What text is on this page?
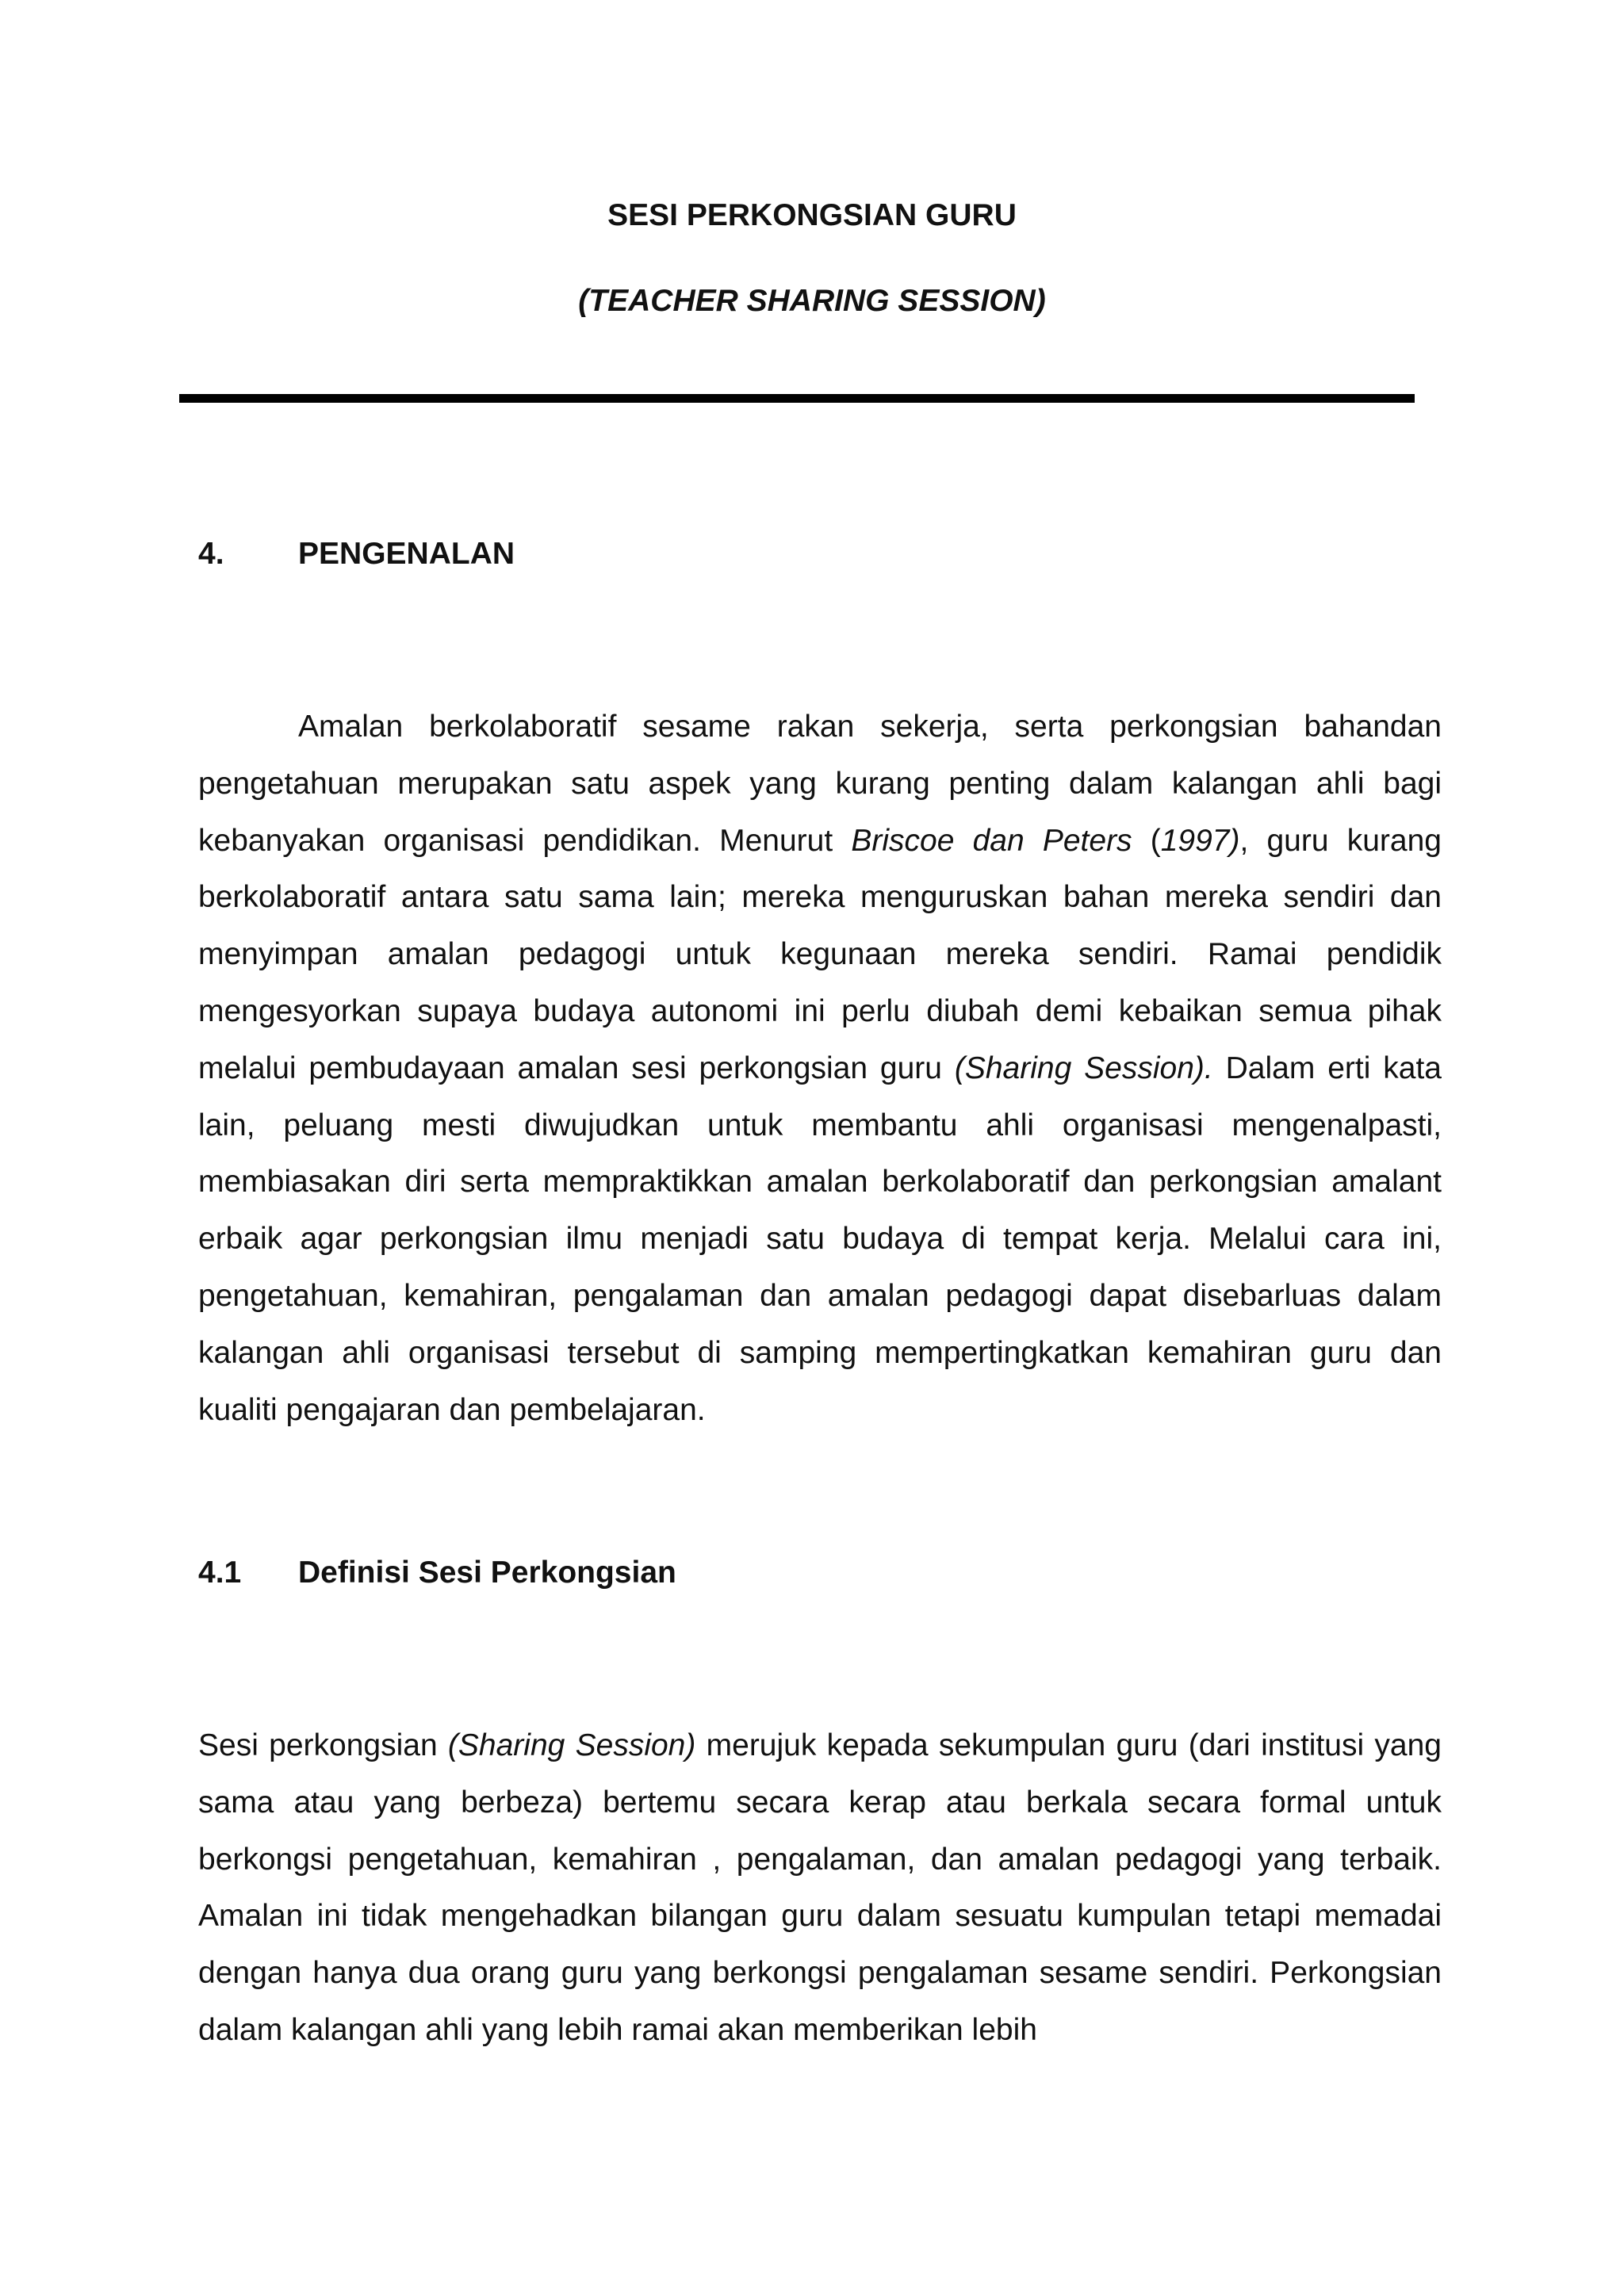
SESI PERKONGSIAN GURU
(TEACHER SHARING SESSION)
4. PENGENALAN

Amalan berkolaboratif sesame rakan sekerja, serta perkongsian bahandan pengetahuan merupakan satu aspek yang kurang penting dalam kalangan ahli bagi kebanyakan organisasi pendidikan. Menurut Briscoe dan Peters (1997), guru kurang berkolaboratif antara satu sama lain; mereka menguruskan bahan mereka sendiri dan menyimpan amalan pedagogi untuk kegunaan mereka sendiri. Ramai pendidik mengesyorkan supaya budaya autonomi ini perlu diubah demi kebaikan semua pihak melalui pembudayaan amalan sesi perkongsian guru (Sharing Session). Dalam erti kata lain, peluang mesti diwujudkan untuk membantu ahli organisasi mengenalpasti, membiasakan diri serta mempraktikkan amalan berkolaboratif dan perkongsian amalant erbaik agar perkongsian ilmu menjadi satu budaya di tempat kerja. Melalui cara ini, pengetahuan, kemahiran, pengalaman dan amalan pedagogi dapat disebarluas dalam kalangan ahli organisasi tersebut di samping mempertingkatkan kemahiran guru dan kualiti pengajaran dan pembelajaran.

4.1 Definisi Sesi Perkongsian

Sesi perkongsian (Sharing Session) merujuk kepada sekumpulan guru (dari institusi yang sama atau yang berbeza) bertemu secara kerap atau berkala secara formal untuk berkongsi pengetahuan, kemahiran , pengalaman, dan amalan pedagogi yang terbaik. Amalan ini tidak mengehadkan bilangan guru dalam sesuatu kumpulan tetapi memadai dengan hanya dua orang guru yang berkongsi pengalaman sesame sendiri. Perkongsian dalam kalangan ahli yang lebih ramai akan memberikan lebih
